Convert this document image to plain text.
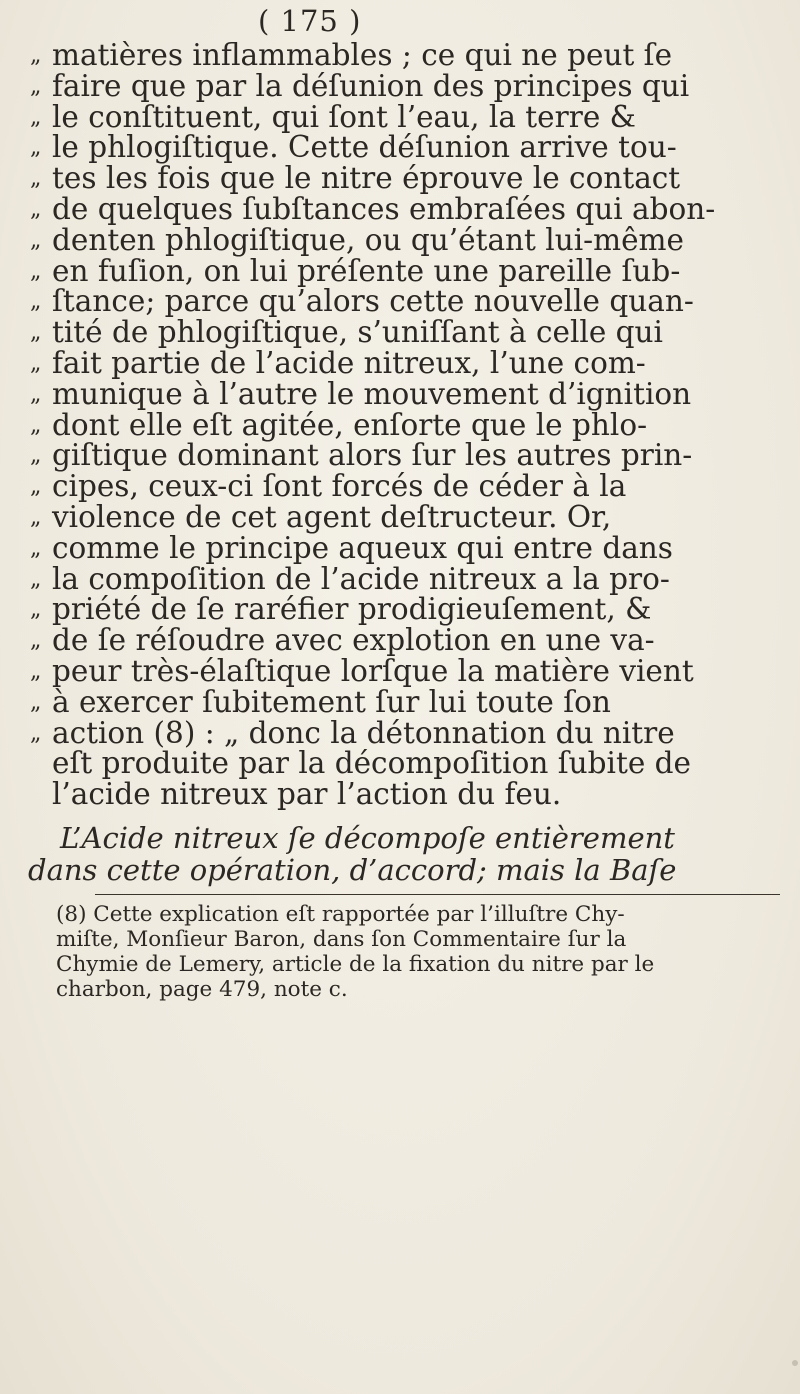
( 175 )
„ matières inflammables ; ce qui ne peut ſe
„ faire que par la déſunion des principes qui
„ le conſtituent, qui ſont l’eau, la terre &
„ le phlogiſtique. Cette déſunion arrive tou-
„ tes les fois que le nitre éprouve le contact
„ de quelques ſubſtances embraſées qui abon-
„ denten phlogiſtique, ou qu’étant lui-même
„ en fuſion, on lui préſente une pareille ſub-
„ ſtance; parce qu’alors cette nouvelle quan-
„ tité de phlogiſtique, s’uniſſant à celle qui
„ fait partie de l’acide nitreux, l’une com-
„ munique à l’autre le mouvement d’ignition
„ dont elle eſt agitée, enſorte que le phlo-
„ giſtique dominant alors ſur les autres prin-
„ cipes, ceux-ci ſont forcés de céder à la
„ violence de cet agent deſtructeur. Or,
„ comme le principe aqueux qui entre dans
„ la compoſition de l’acide nitreux a la pro-
„ priété de ſe raréfier prodigieuſement, &
„ de ſe réſoudre avec explotion en une va-
„ peur très-élaſtique lorſque la matière vient
„ à exercer ſubitement ſur lui toute ſon
„ action (8) : „ donc la détonnation du nitre
eſt produite par la décompoſition ſubite de
l’acide nitreux par l’action du feu.
L’Acide nitreux ſe décompoſe entièrement
dans cette opération, d’accord; mais la Baſe
(8) Cette explication eſt rapportée par l’illuſtre Chy-
miſte, Monſieur Baron, dans ſon Commentaire ſur la
Chymie de Lemery, article de la fixation du nitre par le
charbon, page 479, note c.
